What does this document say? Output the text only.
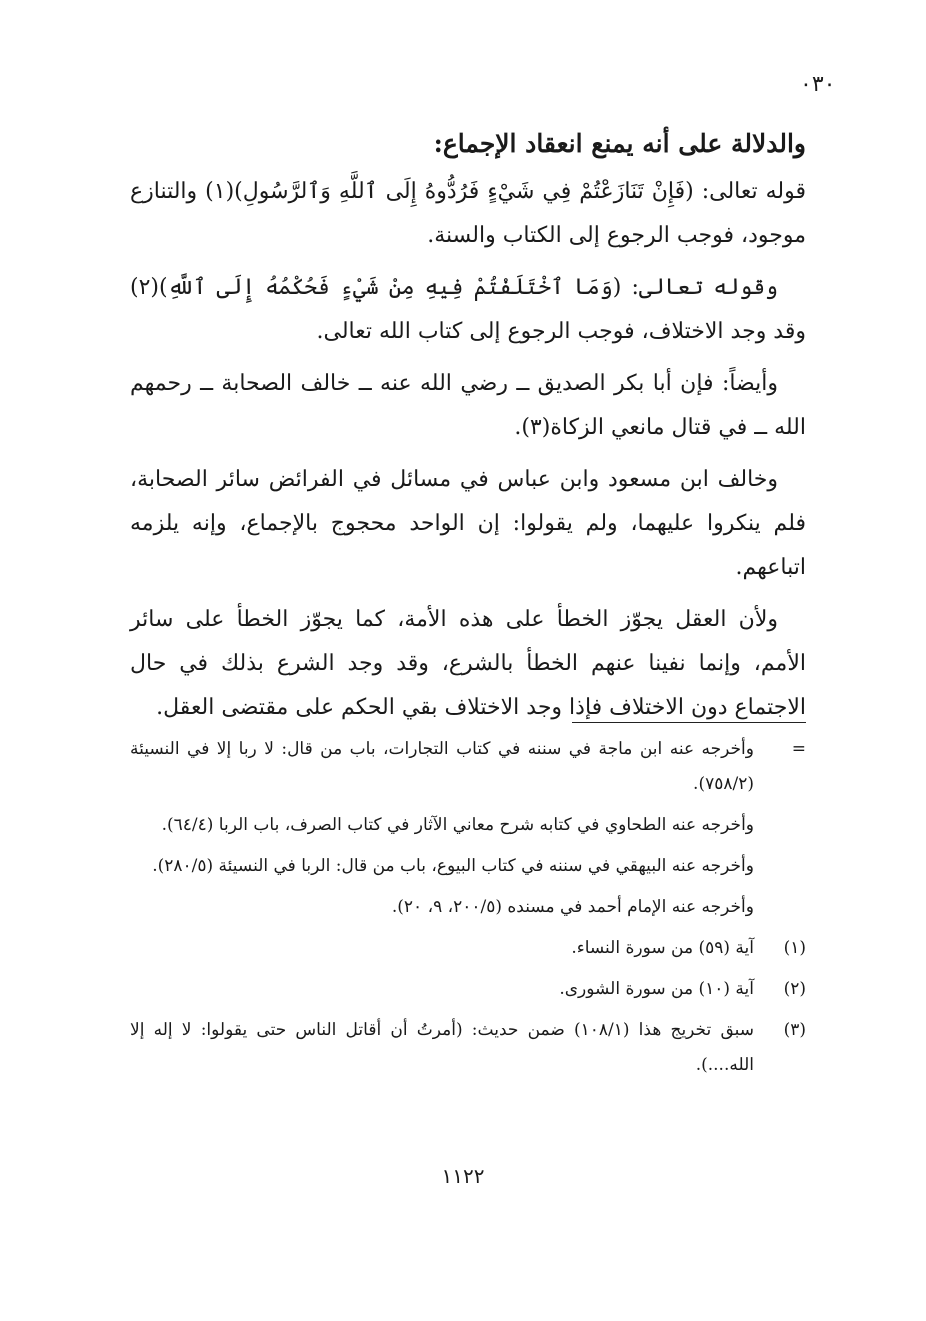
٠٣٠
والدلالة على أنه يمنع انعقاد الإجماع:

قوله تعالى: (فَإِنْ تَنَازَعْتُمْ فِي شَيْءٍ فَرُدُّوهُ إِلَى ٱللَّهِ وَٱلرَّسُولِ)(١) والتنازع موجود، فوجب الرجوع إلى الكتاب والسنة.

وقوله تعالى: (وَمَا ٱخْتَلَفْتُمْ فِيهِ مِنْ شَيْءٍ فَحُكْمُهُ إِلَى ٱللَّهِ)(٢) وقد وجد الاختلاف، فوجب الرجوع إلى كتاب الله تعالى.

وأيضاً: فإن أبا بكر الصديق ــ رضي الله عنه ــ خالف الصحابة ــ رحمهم الله ــ في قتال مانعي الزكاة(٣).

وخالف ابن مسعود وابن عباس في مسائل في الفرائض سائر الصحابة، فلم ينكروا عليهما، ولم يقولوا: إن الواحد محجوج بالإجماع، وإنه يلزمه اتباعهم.

ولأن العقل يجوّز الخطأ على هذه الأمة، كما يجوّز الخطأ على سائر الأمم، وإنما نفينا عنهم الخطأ بالشرع، وقد وجد الشرع بذلك في حال الاجتماع دون الاختلاف فإذا وجد الاختلاف بقي الحكم على مقتضى العقل.

=
وأخرجه عنه ابن ماجة في سننه في كتاب التجارات، باب من قال: لا ربا إلا في النسيئة (٧٥٨/٢).
وأخرجه عنه الطحاوي في كتابه شرح معاني الآثار في كتاب الصرف، باب الربا (٦٤/٤).
وأخرجه عنه البيهقي في سننه في كتاب البيوع، باب من قال: الربا في النسيئة (٢٨٠/٥).
وأخرجه عنه الإمام أحمد في مسنده (٢٠٠/٥، ٩، ٢٠).
(١)
آية (٥٩) من سورة النساء.
(٢)
آية (١٠) من سورة الشورى.
(٣)
سبق تخريج هذا (١٠٨/١) ضمن حديث: (أمرتُ أن أقاتل الناس حتى يقولوا: لا إله إلا الله....).
١١٢٢
